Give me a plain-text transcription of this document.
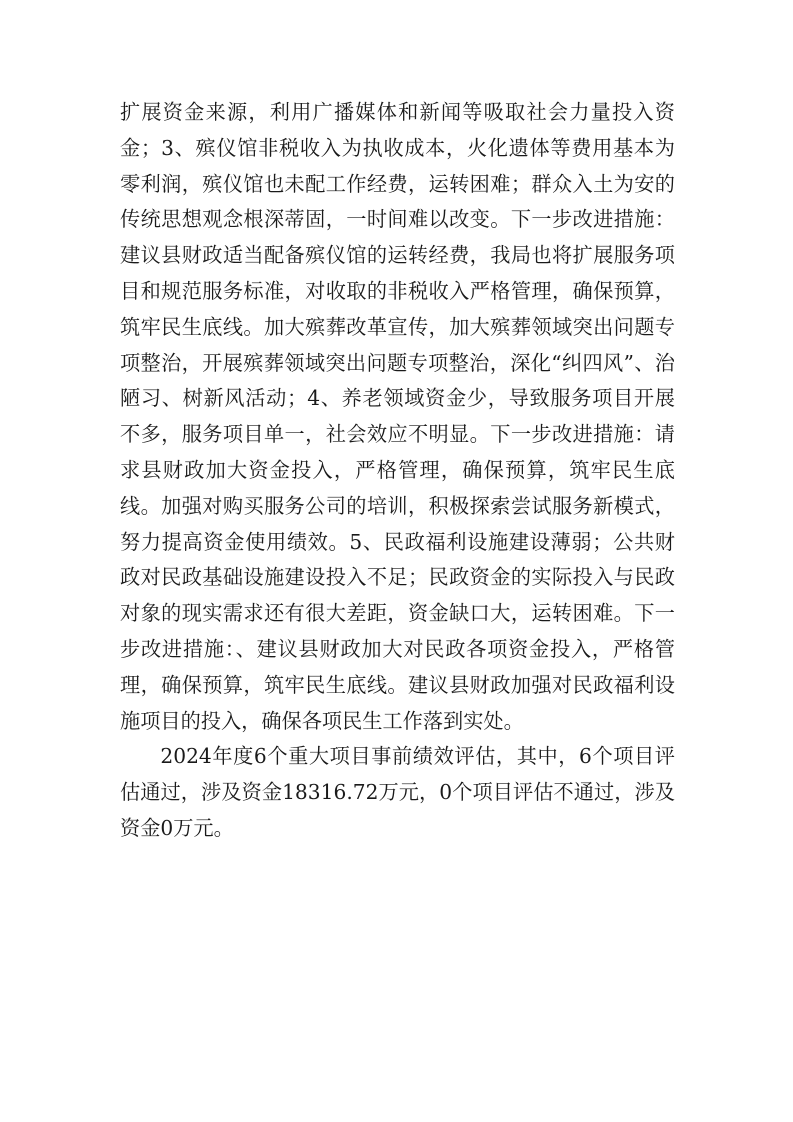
扩展资金来源，利用广播媒体和新闻等吸取社会力量投入资金；3、殡仪馆非税收入为执收成本，火化遗体等费用基本为零利润，殡仪馆也未配工作经费，运转困难；群众入土为安的传统思想观念根深蒂固，一时间难以改变。下一步改进措施：建议县财政适当配备殡仪馆的运转经费，我局也将扩展服务项目和规范服务标准，对收取的非税收入严格管理，确保预算，筑牢民生底线。加大殡葬改革宣传，加大殡葬领域突出问题专项整治，开展殡葬领域突出问题专项整治，深化“纠四风”、治陋习、树新风活动；4、养老领域资金少，导致服务项目开展不多，服务项目单一，社会效应不明显。下一步改进措施：请求县财政加大资金投入，严格管理，确保预算，筑牢民生底线。加强对购买服务公司的培训，积极探索尝试服务新模式，努力提高资金使用绩效。5、民政福利设施建设薄弱；公共财政对民政基础设施建设投入不足；民政资金的实际投入与民政对象的现实需求还有很大差距，资金缺口大，运转困难。下一步改进措施：、建议县财政加大对民政各项资金投入，严格管理，确保预算，筑牢民生底线。建议县财政加强对民政福利设施项目的投入，确保各项民生工作落到实处。

2024年度6个重大项目事前绩效评估，其中，6个项目评估通过，涉及资金18316.72万元，0个项目评估不通过，涉及资金0万元。
